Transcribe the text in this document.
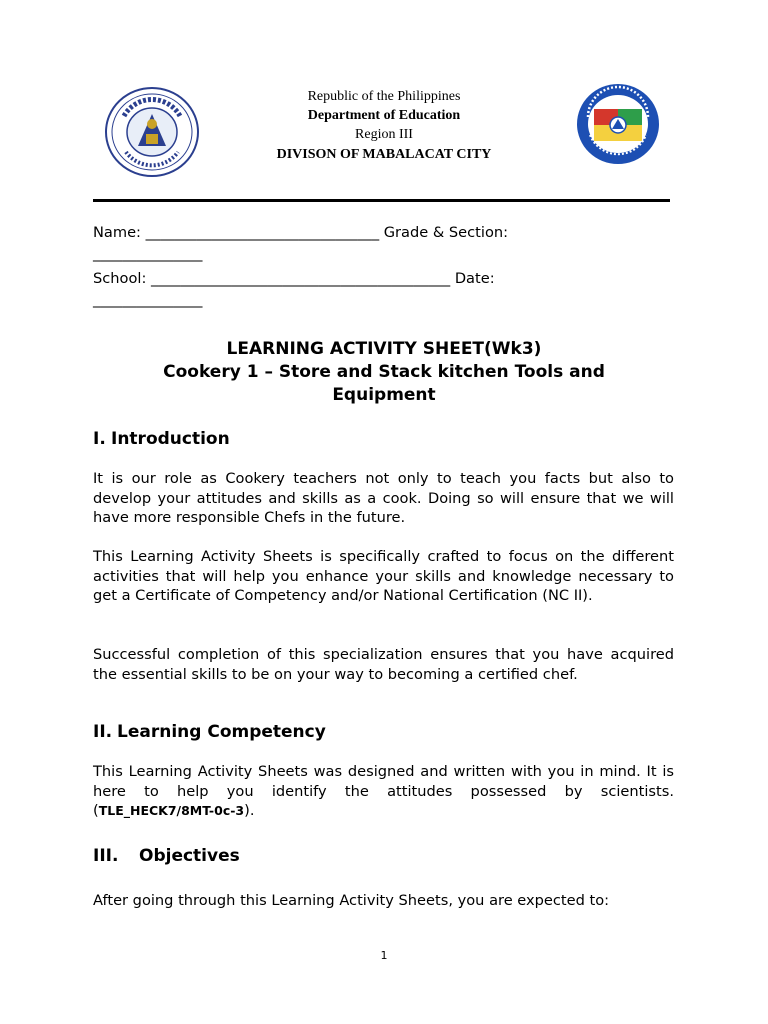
Republic of the Philippines
Department of Education
Region III
DIVISON OF MABALACAT CITY
Name: ________________________________ Grade & Section:
_______________
School: _________________________________________ Date:
_______________
LEARNING ACTIVITY SHEET(Wk3)
Cookery 1 – Store and Stack kitchen Tools and
Equipment
I. Introduction
It is our role as Cookery teachers not only to teach you facts but also to develop your attitudes and skills as a cook. Doing so will ensure that we will have more responsible Chefs in the future.
This Learning Activity Sheets is specifically crafted to focus on the different activities that will help you enhance your skills and knowledge necessary to get a Certificate of Competency and/or National Certification (NC II).
Successful completion of this specialization ensures that you have acquired the essential skills to be on your way to becoming a certified chef.
II. Learning Competency
This Learning Activity Sheets was designed and written with you in mind. It is here to help you identify the attitudes possessed by scientists. (TLE_HECK7/8MT-0c-3).
III. Objectives
After going through this Learning Activity Sheets, you are expected to:
1
